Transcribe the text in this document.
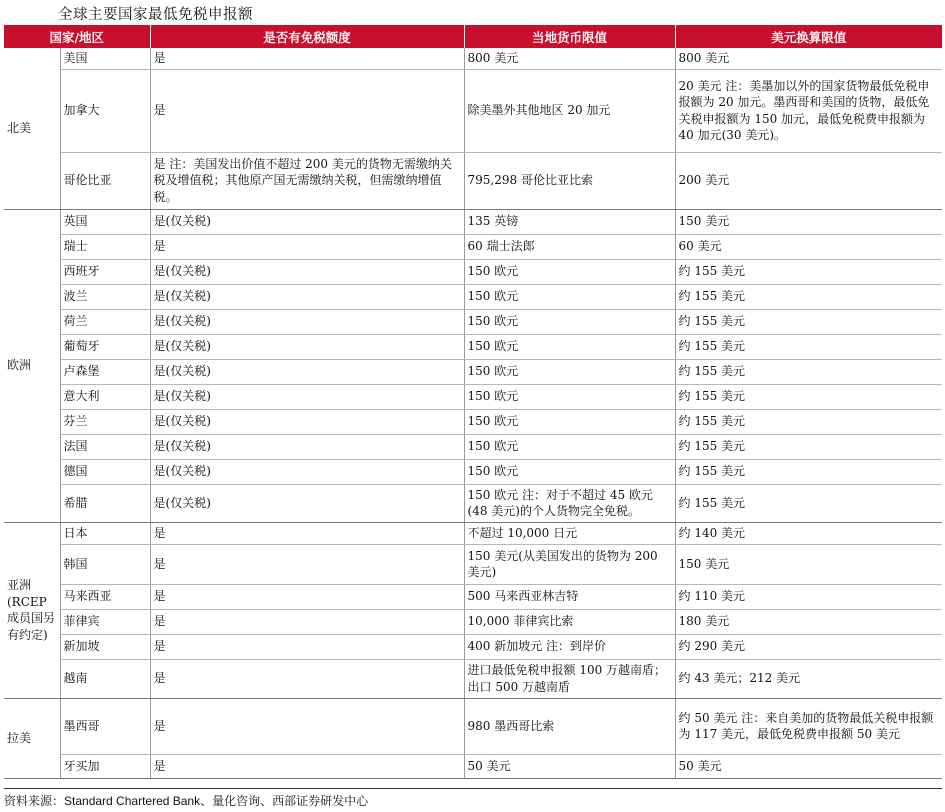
全球主要国家最低免税申报额
国家/地区		是否有免税额度	当地货币限值	美元换算限值
北美	美国	是	800 美元	800 美元
	加拿大	是	除美墨外其他地区 20 加元	20 美元 注：美墨加以外的国家货物最低免税申报额为 20 加元。墨西哥和美国的货物，最低免关税申报额为 150 加元，最低免税费申报额为 40 加元(30 美元)。
	哥伦比亚	是 注：美国发出价值不超过 200 美元的货物无需缴纳关税及增值税；其他原产国无需缴纳关税，但需缴纳增值税。	795,298 哥伦比亚比索	200 美元
欧洲	英国	是(仅关税)	135 英镑	150 美元
	瑞士	是	60 瑞士法郎	60 美元
	西班牙	是(仅关税)	150 欧元	约 155 美元
	波兰	是(仅关税)	150 欧元	约 155 美元
	荷兰	是(仅关税)	150 欧元	约 155 美元
	葡萄牙	是(仅关税)	150 欧元	约 155 美元
	卢森堡	是(仅关税)	150 欧元	约 155 美元
	意大利	是(仅关税)	150 欧元	约 155 美元
	芬兰	是(仅关税)	150 欧元	约 155 美元
	法国	是(仅关税)	150 欧元	约 155 美元
	德国	是(仅关税)	150 欧元	约 155 美元
	希腊	是(仅关税)	150 欧元 注：对于不超过 45 欧元(48 美元)的个人货物完全免税。	约 155 美元
亚洲(RCEP成员国另有约定)	日本	是	不超过 10,000 日元	约 140 美元
	韩国	是	150 美元(从美国发出的货物为 200 美元)	150 美元
	马来西亚	是	500 马来西亚林吉特	约 110 美元
	菲律宾	是	10,000 菲律宾比索	180 美元
	新加坡	是	400 新加坡元 注：到岸价	约 290 美元
	越南	是	进口最低免税申报额 100 万越南盾；出口 500 万越南盾	约 43 美元；212 美元
拉美	墨西哥	是	980 墨西哥比索	约 50 美元 注：来自美加的货物最低关税申报额为 117 美元，最低免税费申报额 50 美元
	牙买加	是	50 美元	50 美元
资料来源：Standard Chartered Bank、量化咨询、西部证券研发中心
